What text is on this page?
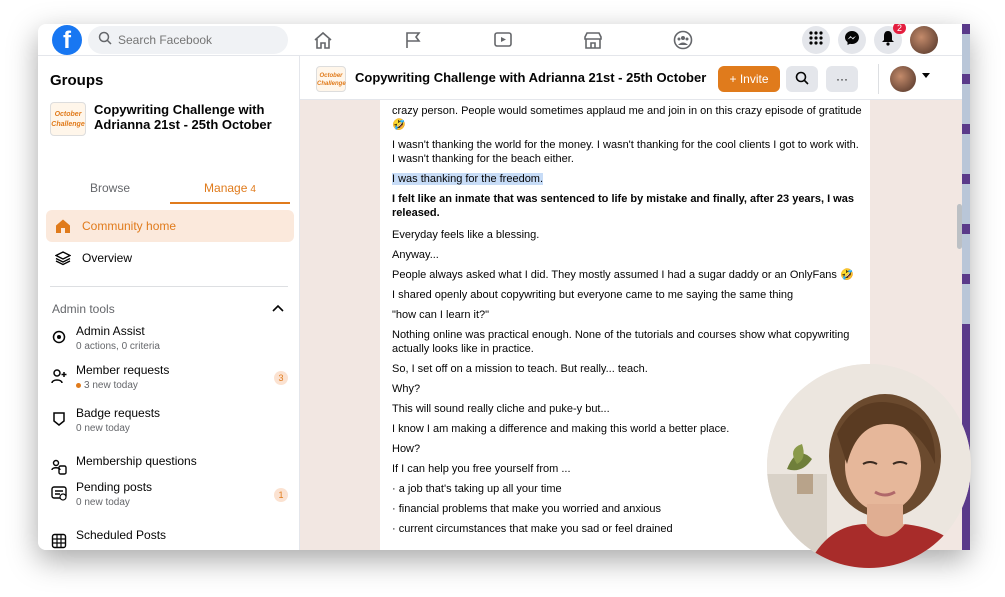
f
Search Facebook	2
Groups
October Challenge
Copywriting Challenge with Adrianna 21st - 25th October
Browse	Manage 4
Community home
Overview
Admin tools
Admin Assist
0 actions, 0 criteria
Member requests
3 new today
3
Badge requests
0 new today
Membership questions
Pending posts
0 new today
1
Scheduled Posts
October Challenge Copywriting Challenge with Adrianna 21st - 25th October	+ Invite	···

crazy person. People would sometimes applaud me and join in on this crazy episode of gratitude 🤣

I wasn't thanking the world for the money. I wasn't thanking for the cool clients I got to work with. I wasn't thanking for the beach either.

I was thanking for the freedom.

I felt like an inmate that was sentenced to life by mistake and finally, after 23 years, I was released.

Everyday feels like a blessing.

Anyway...

People always asked what I did. They mostly assumed I had a sugar daddy or an OnlyFans 🤣

I shared openly about copywriting but everyone came to me saying the same thing

"how can I learn it?"

Nothing online was practical enough. None of the tutorials and courses show what copywriting actually looks like in practice.

So, I set off on a mission to teach. But really... teach.

Why?

This will sound really cliche and puke-y but...

I know I am making a difference and making this world a better place.

How?

If I can help you free yourself from ...

· a job that's taking up all your time

· financial problems that make you worried and anxious

· current circumstances that make you sad or feel drained
